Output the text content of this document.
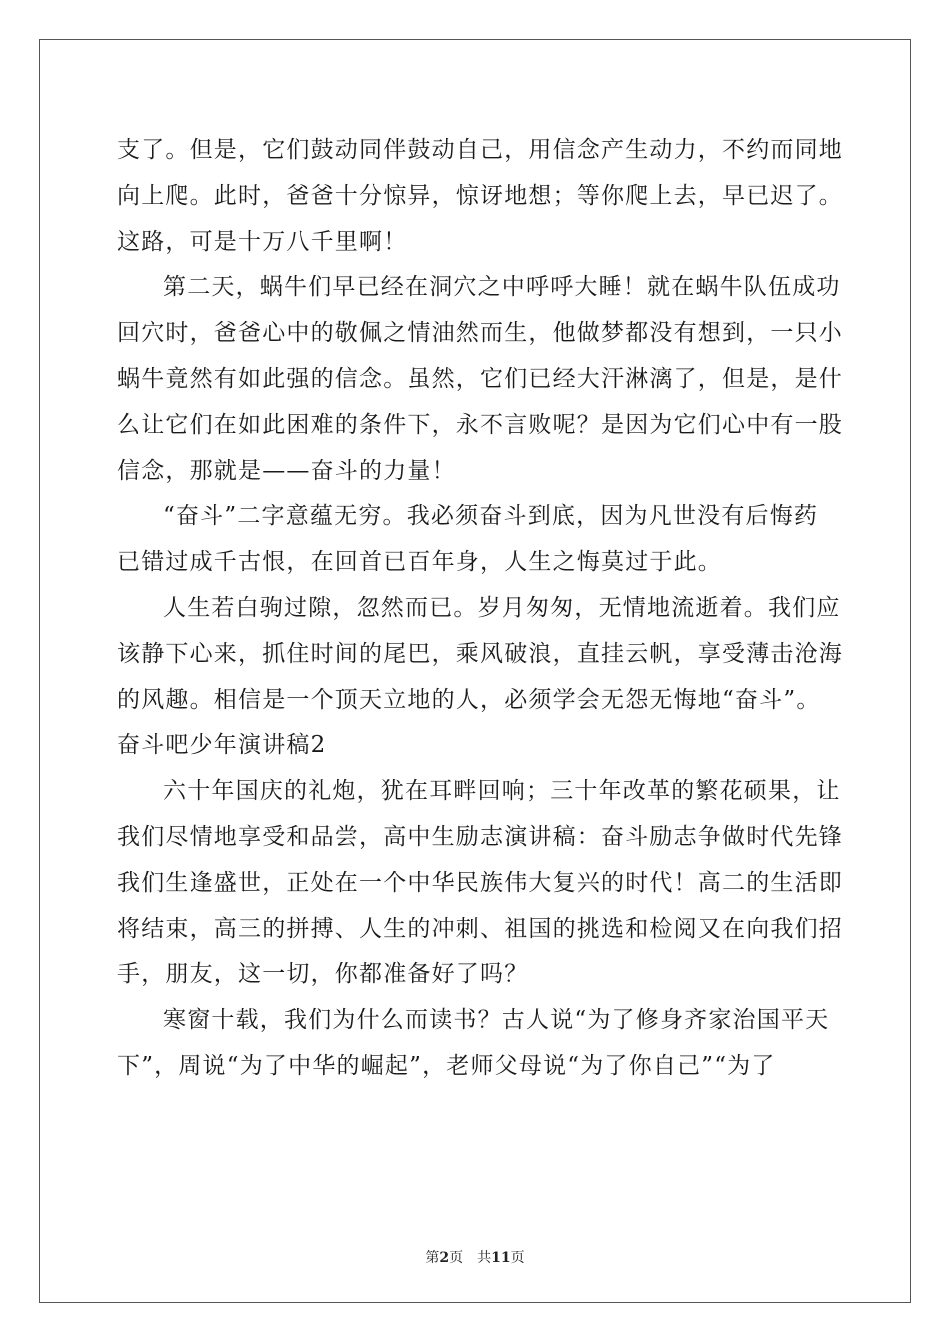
支了。但是，它们鼓动同伴鼓动自己，用信念产生动力，不约而同地
向上爬。此时，爸爸十分惊异，惊讶地想；等你爬上去，早已迟了。
这路，可是十万八千里啊！
第二天，蜗牛们早已经在洞穴之中呼呼大睡！就在蜗牛队伍成功
回穴时，爸爸心中的敬佩之情油然而生，他做梦都没有想到，一只小
蜗牛竟然有如此强的信念。虽然，它们已经大汗淋漓了，但是，是什
么让它们在如此困难的条件下，永不言败呢？是因为它们心中有一股
信念，那就是——奋斗的力量！
“奋斗”二字意蕴无穷。我必须奋斗到底，因为凡世没有后悔药
已错过成千古恨，在回首已百年身，人生之悔莫过于此。
人生若白驹过隙，忽然而已。岁月匆匆，无情地流逝着。我们应
该静下心来，抓住时间的尾巴，乘风破浪，直挂云帆，享受薄击沧海
的风趣。相信是一个顶天立地的人，必须学会无怨无悔地“奋斗”。
奋斗吧少年演讲稿2
六十年国庆的礼炮，犹在耳畔回响；三十年改革的繁花硕果，让
我们尽情地享受和品尝，高中生励志演讲稿：奋斗励志争做时代先锋
我们生逢盛世，正处在一个中华民族伟大复兴的时代！高二的生活即
将结束，高三的拼搏、人生的冲刺、祖国的挑选和检阅又在向我们招
手，朋友，这一切，你都准备好了吗？
寒窗十载，我们为什么而读书？古人说“为了修身齐家治国平天
下”，周说“为了中华的崛起”，老师父母说“为了你自己”“为了
第2页 共11页
